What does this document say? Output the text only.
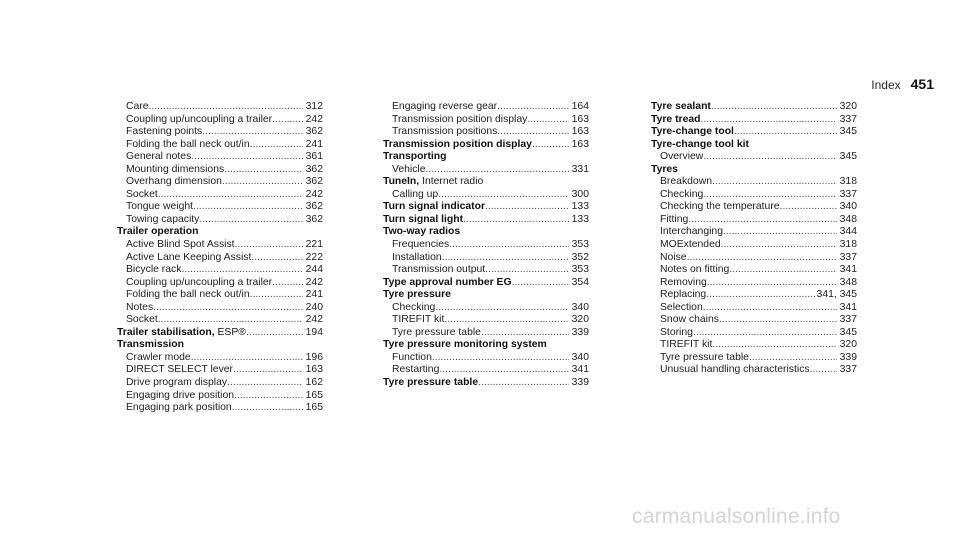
Index 451
Care .....	312
Coupling up/uncoupling a trailer .....	242
Fastening points .....	362
Folding the ball neck out/in .....	241
General notes .....	361
Mounting dimensions .....	362
Overhang dimension .....	362
Socket .....	242
Tongue weight .....	362
Towing capacity .....	362
Trailer operation
Active Blind Spot Assist .....	221
Active Lane Keeping Assist .....	222
Bicycle rack .....	244
Coupling up/uncoupling a trailer .....	242
Folding the ball neck out/in .....	241
Notes .....	240
Socket .....	242
Trailer stabilisation, ESP® .....	194
Transmission
Crawler mode .....	196
DIRECT SELECT lever .....	163
Drive program display .....	162
Engaging drive position .....	165
Engaging park position .....	165
Engaging reverse gear .....	164
Transmission position display .....	163
Transmission positions .....	163
Transmission position display .....	163
Transporting
Vehicle .....	331
TuneIn, Internet radio
Calling up .....	300
Turn signal indicator .....	133
Turn signal light .....	133
Two-way radios
Frequencies .....	353
Installation .....	352
Transmission output .....	353
Type approval number EG .....	354
Tyre pressure
Checking .....	340
TIREFIT kit .....	320
Tyre pressure table .....	339
Tyre pressure monitoring system
Function .....	340
Restarting .....	341
Tyre pressure table .....	339
Tyre sealant .....	320
Tyre tread .....	337
Tyre-change tool .....	345
Tyre-change tool kit
Overview .....	345
Tyres
Breakdown .....	318
Checking .....	337
Checking the temperature .....	340
Fitting .....	348
Interchanging .....	344
MOExtended .....	318
Noise .....	337
Notes on fitting .....	341
Removing .....	348
Replacing .....	341, 345
Selection .....	341
Snow chains .....	337
Storing .....	345
TIREFIT kit .....	320
Tyre pressure table .....	339
Unusual handling characteristics .....	337
carmanualsonline.info
